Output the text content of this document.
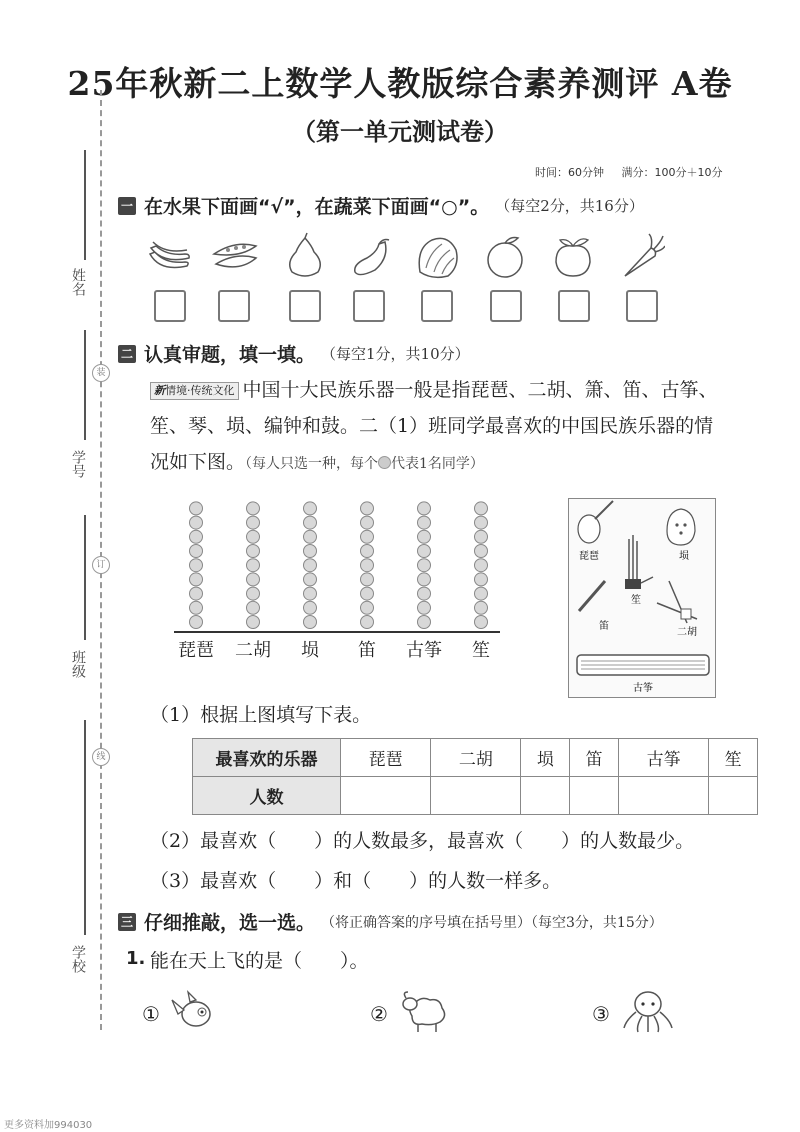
25年秋新二上数学人教版综合素养测评 A卷
（第一单元测试卷）
时间：60分钟 满分：100分＋10分
姓名
学号
班级
学校
装
订
线
一 在水果下面画“√”，在蔬菜下面画“○”。 （每空2分，共16分）
二 认真审题，填一填。 （每空1分，共10分）
新情境·传统文化 中国十大民族乐器一般是指琵琶、二胡、箫、笛、古筝、
笙、琴、埙、编钟和鼓。二（1）班同学最喜欢的中国民族乐器的情
况如下图。（每人只选一种，每个 代表1名同学）
琵琶 二胡 埙 笛 古筝 笙
琵琶	埙
笙
笛
二胡
古筝
（1）根据上图填写下表。
最喜欢的乐器	琵琶	二胡	埙	笛	古筝	笙
人数						
（2）最喜欢（　　）的人数最多，最喜欢（　　）的人数最少。
（3）最喜欢（　　）和（　　）的人数一样多。
三 仔细推敲，选一选。 （将正确答案的序号填在括号里）（每空3分，共15分）
1. 能在天上飞的是（　　）。
①	②	③
更多资料加994030
